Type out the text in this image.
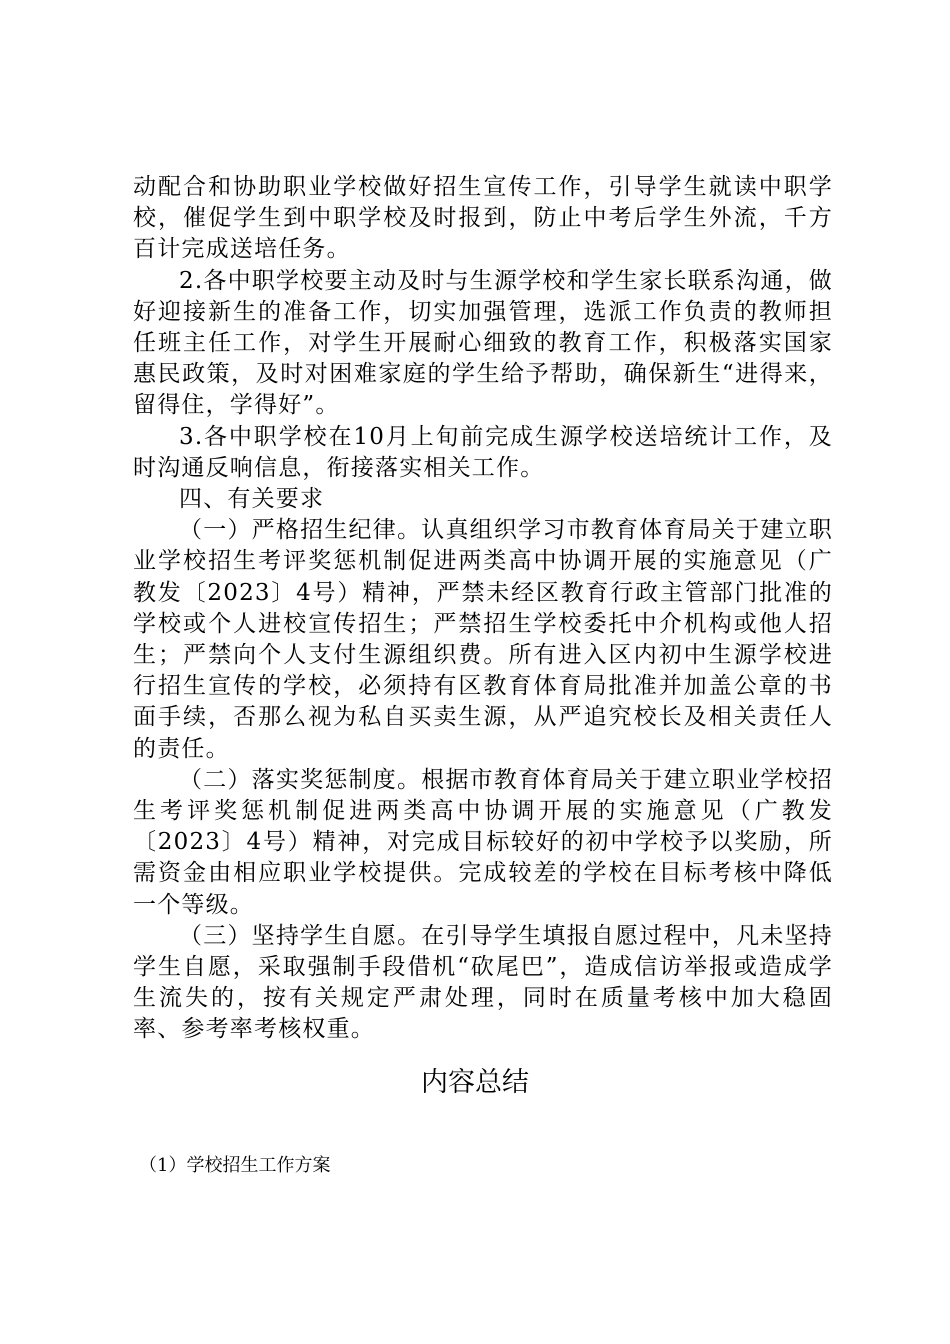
动配合和协助职业学校做好招生宣传工作，引导学生就读中职学校，催促学生到中职学校及时报到，防止中考后学生外流，千方百计完成送培任务。

2.各中职学校要主动及时与生源学校和学生家长联系沟通，做好迎接新生的准备工作，切实加强管理，选派工作负责的教师担任班主任工作，对学生开展耐心细致的教育工作，积极落实国家惠民政策，及时对困难家庭的学生给予帮助，确保新生“进得来，留得住，学得好”。

3.各中职学校在10月上旬前完成生源学校送培统计工作，及时沟通反响信息，衔接落实相关工作。

四、有关要求

（一）严格招生纪律。认真组织学习市教育体育局关于建立职业学校招生考评奖惩机制促进两类高中协调开展的实施意见（广教发〔2023〕4号）精神，严禁未经区教育行政主管部门批准的学校或个人进校宣传招生；严禁招生学校委托中介机构或他人招生；严禁向个人支付生源组织费。所有进入区内初中生源学校进行招生宣传的学校，必须持有区教育体育局批准并加盖公章的书面手续，否那么视为私自买卖生源，从严追究校长及相关责任人的责任。

（二）落实奖惩制度。根据市教育体育局关于建立职业学校招生考评奖惩机制促进两类高中协调开展的实施意见（广教发〔2023〕4号）精神，对完成目标较好的初中学校予以奖励，所需资金由相应职业学校提供。完成较差的学校在目标考核中降低一个等级。

（三）坚持学生自愿。在引导学生填报自愿过程中，凡未坚持学生自愿，采取强制手段借机“砍尾巴”，造成信访举报或造成学生流失的，按有关规定严肃处理，同时在质量考核中加大稳固率、参考率考核权重。

内容总结

（1）学校招生工作方案
